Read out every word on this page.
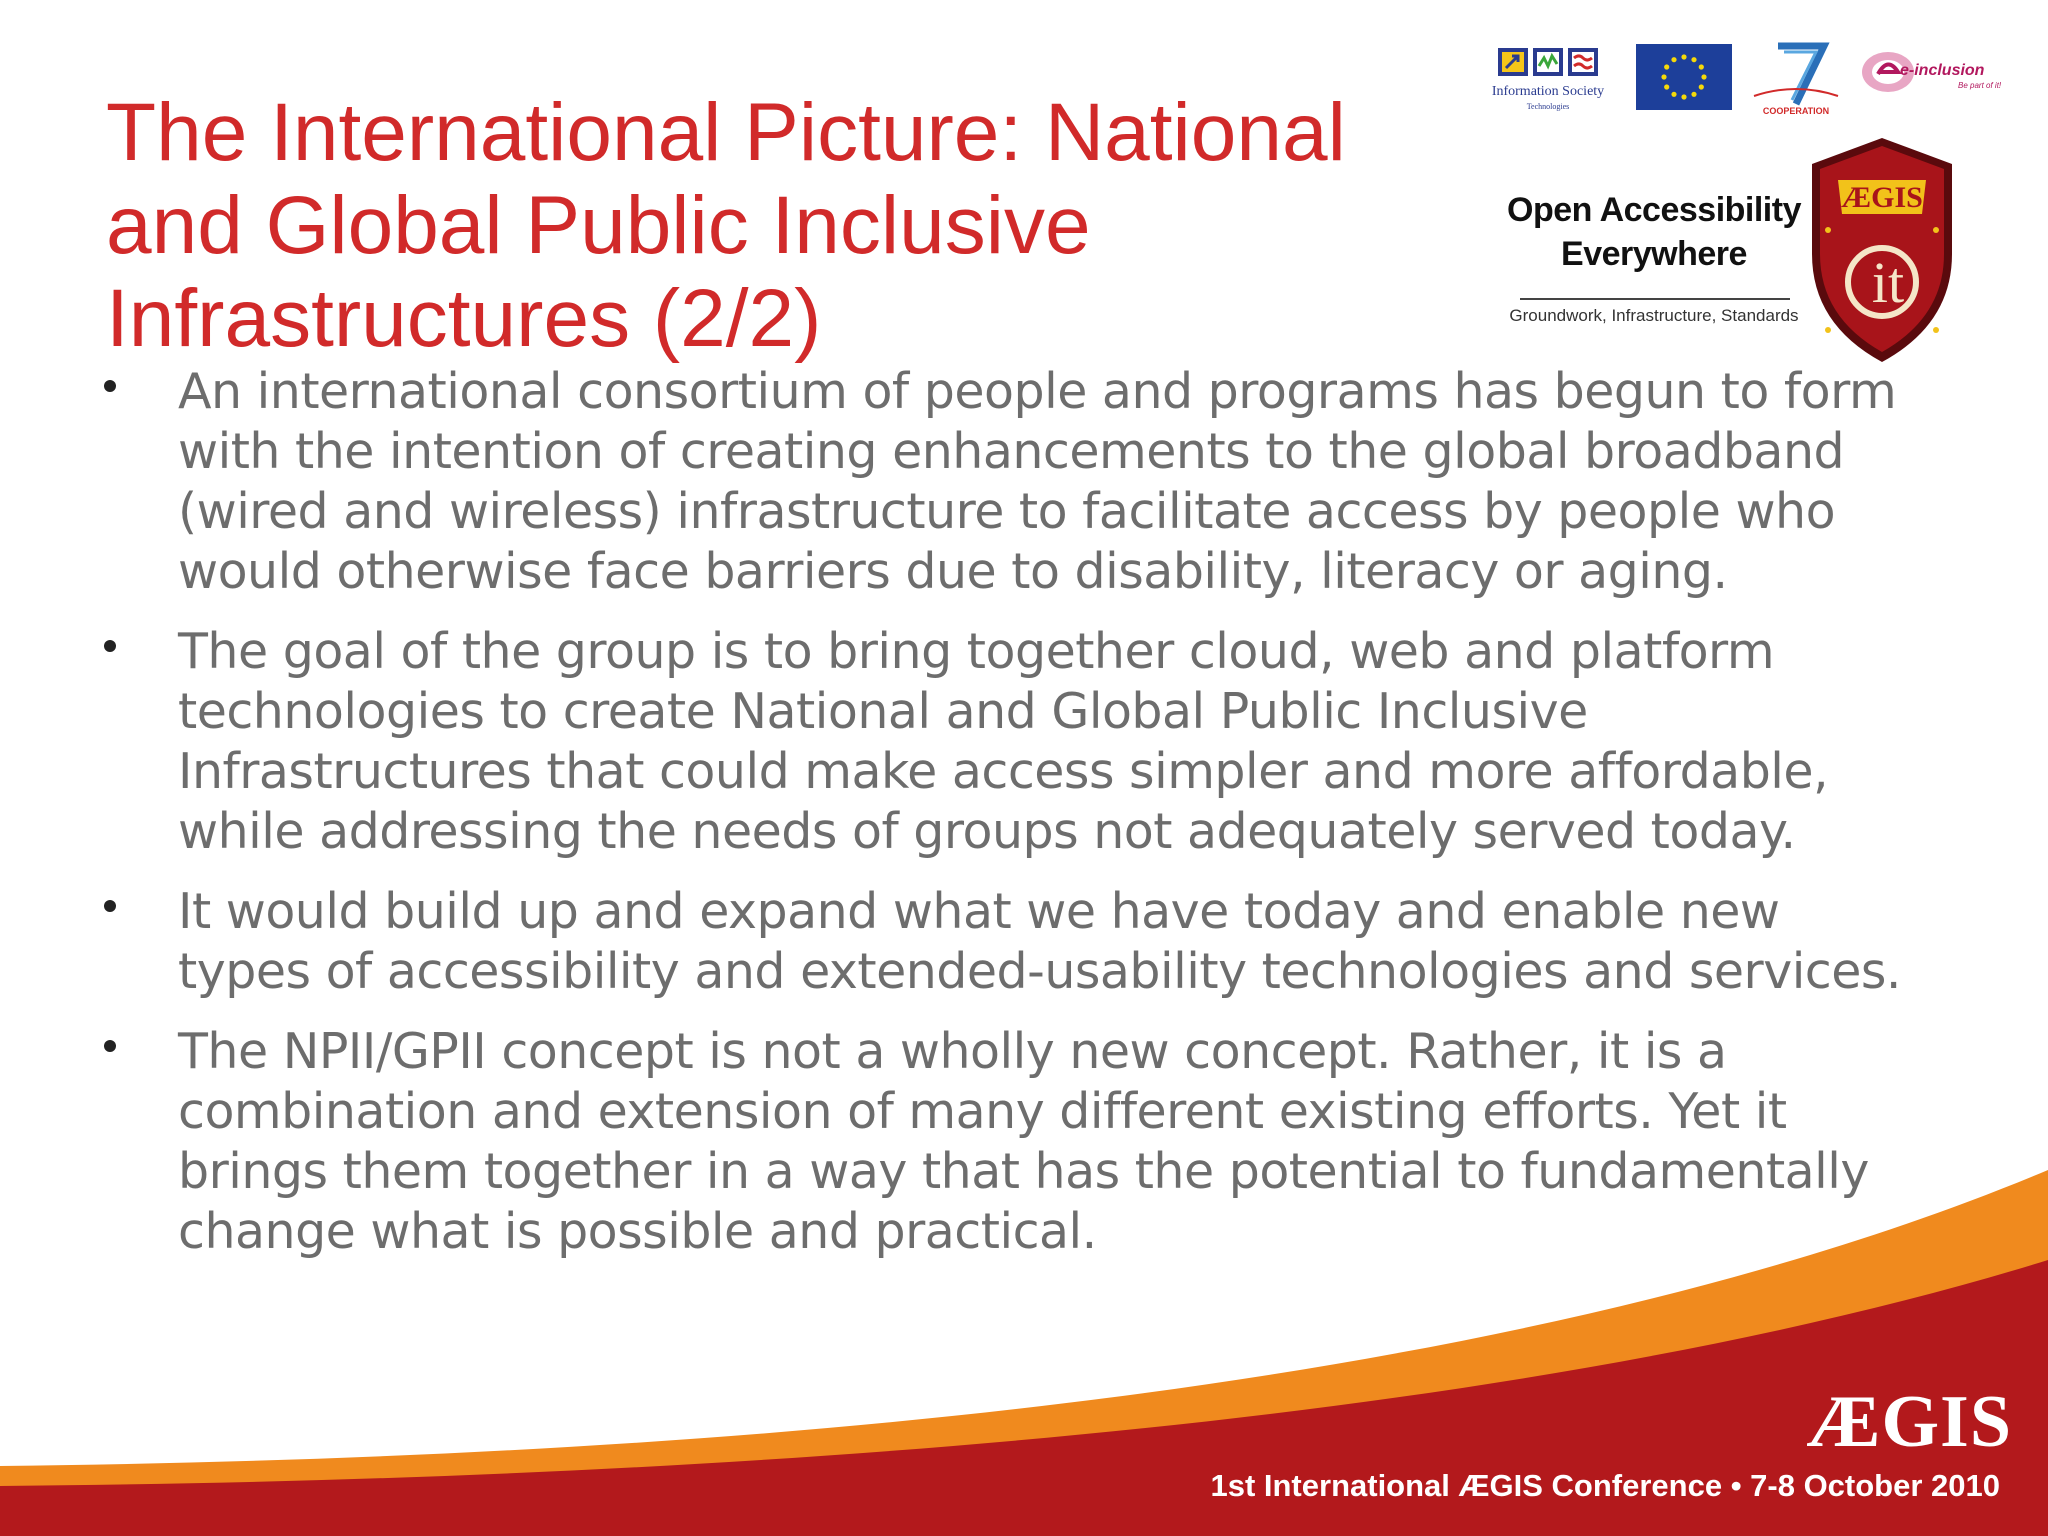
The International Picture: National
and Global Public Inclusive
Infrastructures (2/2)
Information Society
Technologies	COOPERATION
e-inclusion
Be part of it!
Open Accessibility
Everywhere
Groundwork, Infrastructure, Standards
ÆGIS
it
An international consortium of people and programs has begun to form
with the intention of creating enhancements to the global broadband
(wired and wireless) infrastructure to facilitate access by people who
would otherwise face barriers due to disability, literacy or aging.
The goal of the group is to bring together cloud, web and platform
technologies to create National and Global Public Inclusive
Infrastructures that could make access simpler and more affordable,
while addressing the needs of groups not adequately served today.
It would build up and expand what we have today and enable new
types of accessibility and extended-usability technologies and services.
The NPII/GPII concept is not a wholly new concept. Rather, it is a
combination and extension of many different existing efforts. Yet it
brings them together in a way that has the potential to fundamentally
change what is possible and practical.
ÆGIS
1st International ÆGIS Conference • 7-8 October 2010
